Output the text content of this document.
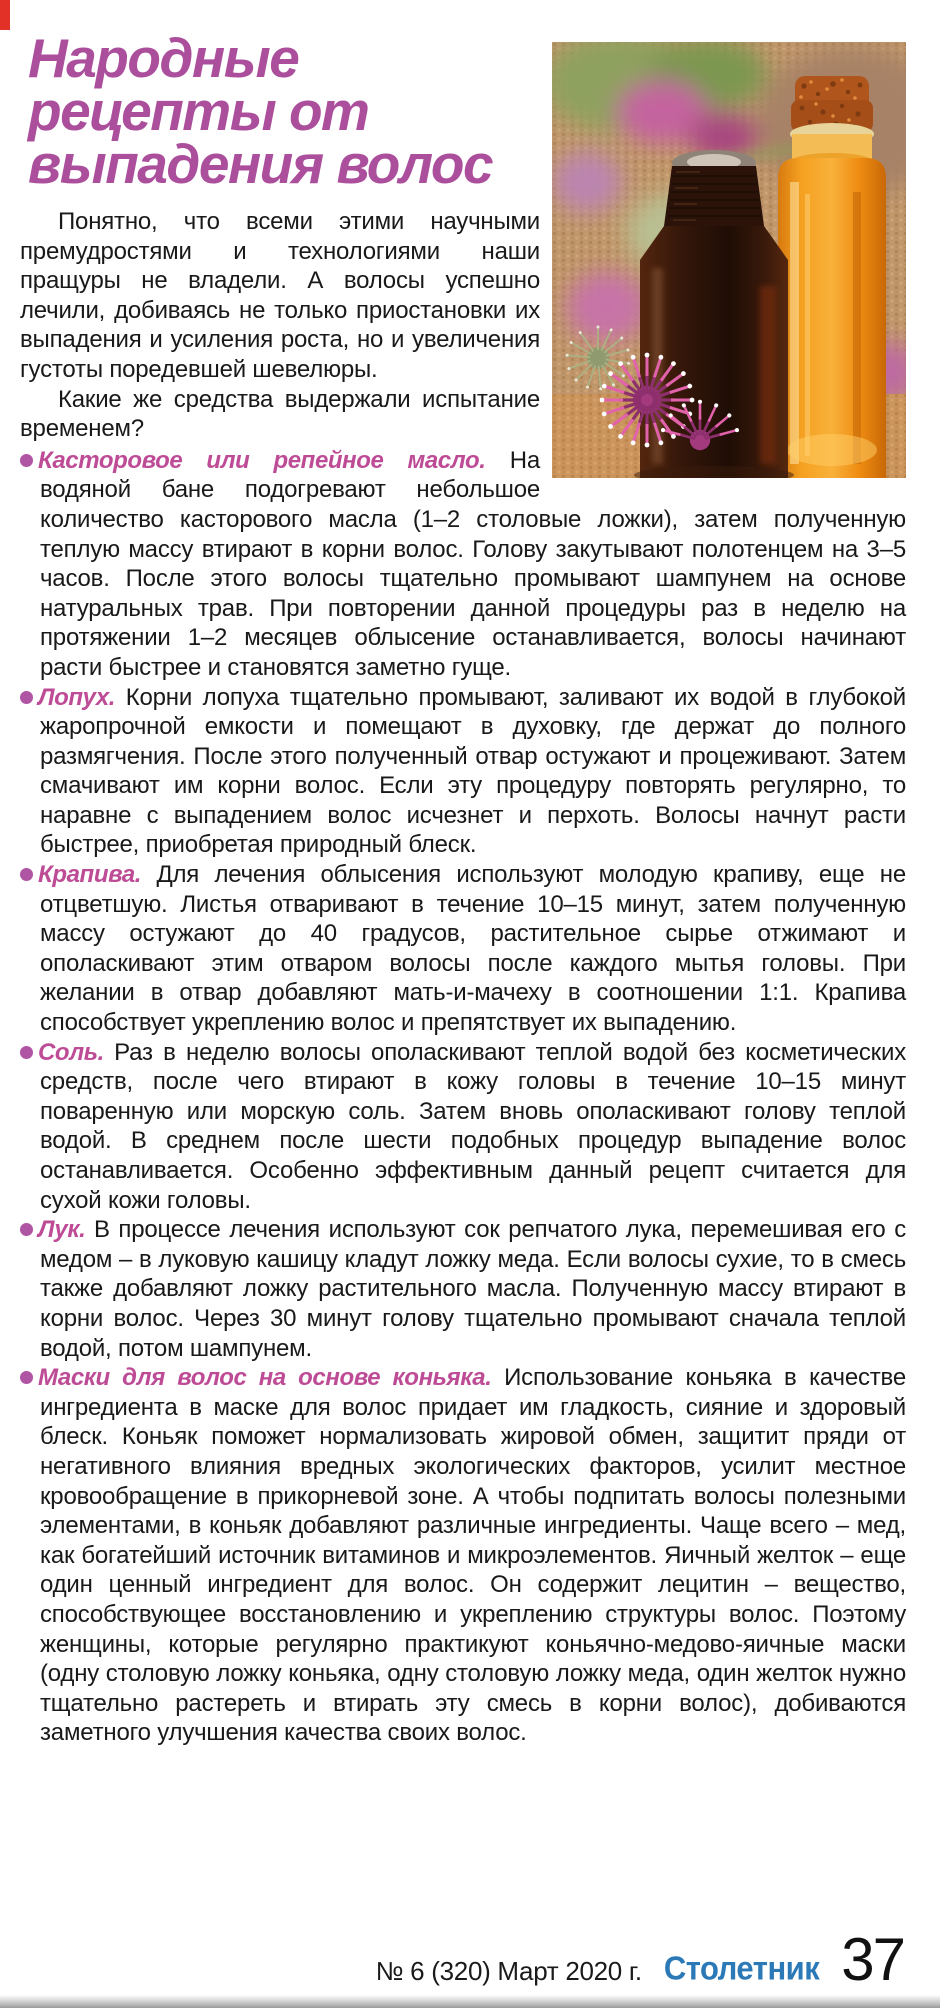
Народные
рецепты от
выпадения волос

Понятно, что всеми этими научными премудростями и технологиями наши пращуры не владели. А волосы успешно лечили, добиваясь не только приостановки их выпадения и усиления роста, но и увеличения густоты поредевшей шевелюры.

Какие же средства выдержали испытание временем?

Касторовое или репейное масло. На водяной бане подогревают небольшое количество касторового масла (1–2 столовые ложки), затем полученную теплую массу втирают в корни волос. Голову закутывают полотенцем на 3–5 часов. После этого волосы тщательно промывают шампунем на основе натуральных трав. При повторении данной процедуры раз в неделю на протяжении 1–2 месяцев облысение останавливается, волосы начинают расти быстрее и становятся заметно гуще.
Лопух. Корни лопуха тщательно промывают, заливают их водой в глубокой жаропрочной емкости и помещают в духовку, где держат до полного размягчения. После этого полученный отвар остужают и процеживают. Затем смачивают им корни волос. Если эту процедуру повторять регулярно, то наравне с выпадением волос исчезнет и перхоть. Волосы начнут расти быстрее, приобретая природный блеск.
Крапива. Для лечения облысения используют молодую крапиву, еще не отцветшую. Листья отваривают в течение 10–15 минут, затем полученную массу остужают до 40 градусов, растительное сырье отжимают и ополаскивают этим отваром волосы после каждого мытья головы. При желании в отвар добавляют мать-и-мачеху в соотношении 1:1. Крапива способствует укреплению волос и препятствует их выпадению.
Соль. Раз в неделю волосы ополаскивают теплой водой без косметических средств, после чего втирают в кожу головы в течение 10–15 минут поваренную или морскую соль. Затем вновь ополаскивают голову теплой водой. В среднем после шести подобных процедур выпадение волос останавливается. Особенно эффективным данный рецепт считается для сухой кожи головы.
Лук. В процессе лечения используют сок репчатого лука, перемешивая его с медом – в луковую кашицу кладут ложку меда. Если волосы сухие, то в смесь также добавляют ложку растительного масла. Полученную массу втирают в корни волос. Через 30 минут голову тщательно промывают сначала теплой водой, потом шампунем.
Маски для волос на основе коньяка. Использование коньяка в качестве ингредиента в маске для волос придает им гладкость, сияние и здоровый блеск. Коньяк поможет нормализовать жировой обмен, защитит пряди от негативного влияния вредных экологических факторов, усилит местное кровообращение в прикорневой зоне. А чтобы подпитать волосы полезными элементами, в коньяк добавляют различные ингредиенты. Чаще всего – мед, как богатейший источник витаминов и микроэлементов. Яичный желток – еще один ценный ингредиент для волос. Он содержит лецитин – вещество, способствующее восстановлению и укреплению структуры волос. Поэтому женщины, которые регулярно практикуют коньячно-медово-яичные маски (одну столовую ложку коньяка, одну столовую ложку меда, один желток нужно тщательно растереть и втирать эту смесь в корни волос), добиваются заметного улучшения качества своих волос.
№ 6 (320) Март 2020 г. Столетник 37
